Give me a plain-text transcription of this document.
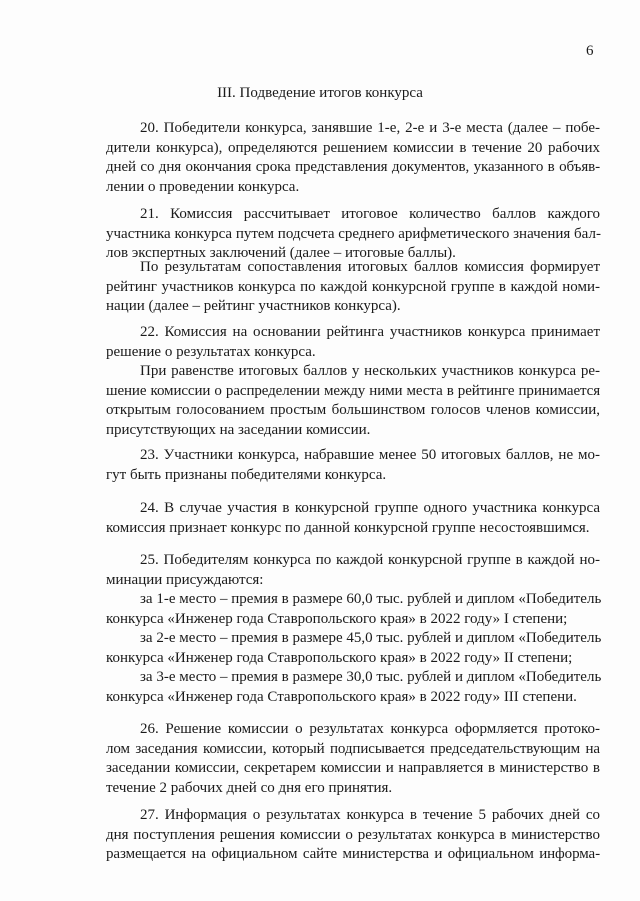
6
III. Подведение итогов конкурса
20. Победители конкурса, занявшие 1-е, 2-е и 3-е места (далее – побе-
дители конкурса), определяются решением комиссии в течение 20 рабочих
дней со дня окончания срока представления документов, указанного в объяв-
лении о проведении конкурса.
21. Комиссия рассчитывает итоговое количество баллов каждого
участника конкурса путем подсчета среднего арифметического значения бал-
лов экспертных заключений (далее – итоговые баллы).
По результатам сопоставления итоговых баллов комиссия формирует
рейтинг участников конкурса по каждой конкурсной группе в каждой номи-
нации (далее – рейтинг участников конкурса).
22. Комиссия на основании рейтинга участников конкурса принимает
решение о результатах конкурса.
При равенстве итоговых баллов у нескольких участников конкурса ре-
шение комиссии о распределении между ними места в рейтинге принимается
открытым голосованием простым большинством голосов членов комиссии,
присутствующих на заседании комиссии.
23. Участники конкурса, набравшие менее 50 итоговых баллов, не мо-
гут быть признаны победителями конкурса.
24. В случае участия в конкурсной группе одного участника конкурса
комиссия признает конкурс по данной конкурсной группе несостоявшимся.
25. Победителям конкурса по каждой конкурсной группе в каждой но-
минации присуждаются:
за 1-е место – премия в размере 60,0 тыс. рублей и диплом «Победитель
конкурса «Инженер года Ставропольского края» в 2022 году» I степени;
за 2-е место – премия в размере 45,0 тыс. рублей и диплом «Победитель
конкурса «Инженер года Ставропольского края» в 2022 году» II степени;
за 3-е место – премия в размере 30,0 тыс. рублей и диплом «Победитель
конкурса «Инженер года Ставропольского края» в 2022 году» III степени.
26. Решение комиссии о результатах конкурса оформляется протоко-
лом заседания комиссии, который подписывается председательствующим на
заседании комиссии, секретарем комиссии и направляется в министерство в
течение 2 рабочих дней со дня его принятия.
27. Информация о результатах конкурса в течение 5 рабочих дней со
дня поступления решения комиссии о результатах конкурса в министерство
размещается на официальном сайте министерства и официальном информа-
